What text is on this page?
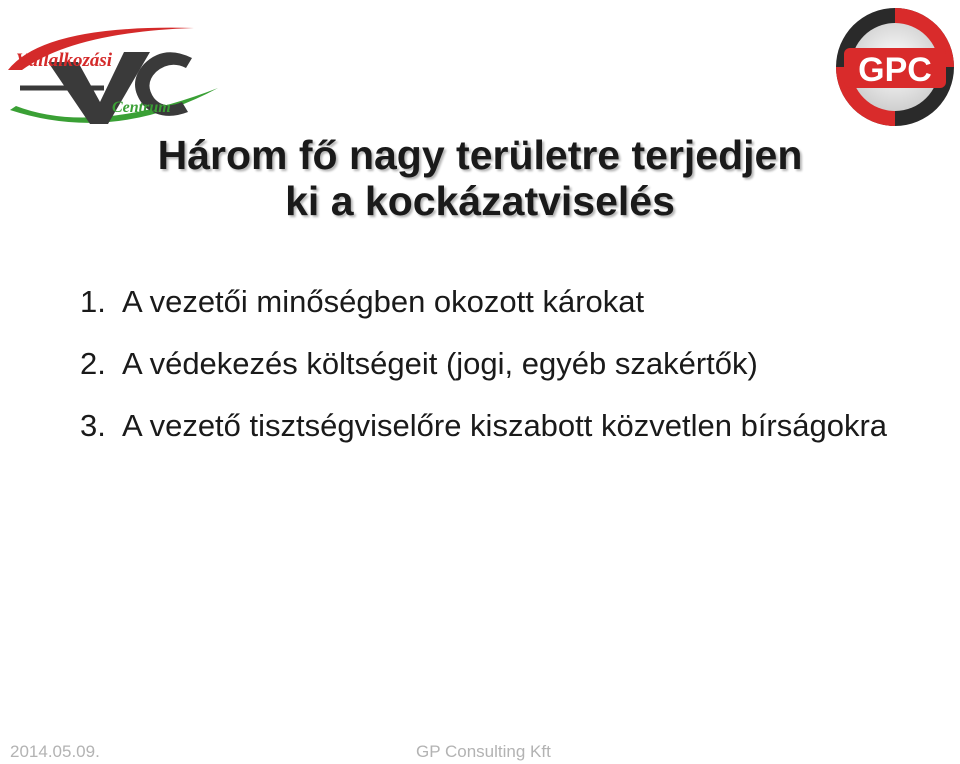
Vállalkozási
Centrum
GPC
Három fő nagy területre terjedjen
ki a kockázatviselés
1. A vezetői minőségben okozott károkat
2. A védekezés költségeit (jogi, egyéb szakértők)
3. A vezető tisztségviselőre kiszabott közvetlen bírságokra
2014.05.09.	GP Consulting Kft
